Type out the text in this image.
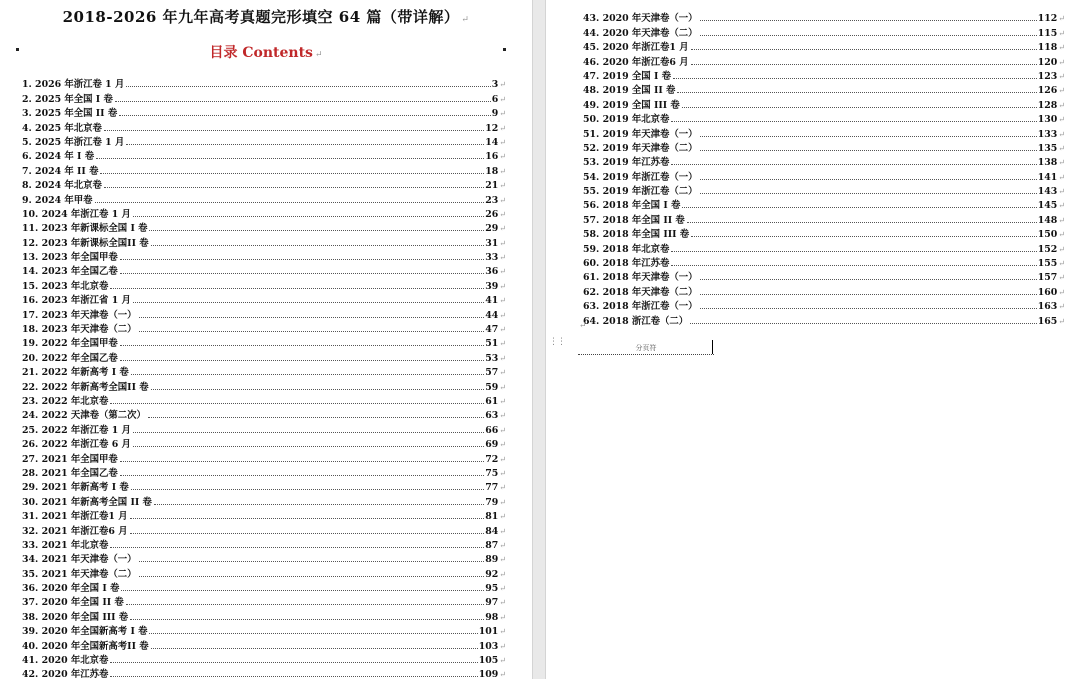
2018-2026 年九年高考真题完形填空 64 篇（带详解） ↵
目录 Contents ↵
1. 2026 年浙江卷 1 月	3 ↵
2. 2025 年全国 I 卷	6 ↵
3. 2025 年全国 II 卷	9 ↵
4. 2025 年北京卷	12 ↵
5. 2025 年浙江卷 1 月	14 ↵
6. 2024 年 I 卷	16 ↵
7. 2024 年 II 卷	18 ↵
8. 2024 年北京卷	21 ↵
9. 2024 年甲卷	23 ↵
10. 2024 年浙江卷 1 月	26 ↵
11. 2023 年新课标全国 I 卷	29 ↵
12. 2023 年新课标全国II 卷	31 ↵
13. 2023 年全国甲卷	33 ↵
14. 2023 年全国乙卷	36 ↵
15. 2023 年北京卷	39 ↵
16. 2023 年浙江省 1 月	41 ↵
17. 2023 年天津卷（一）	44 ↵
18. 2023 年天津卷（二）	47 ↵
19. 2022 年全国甲卷	51 ↵
20. 2022 年全国乙卷	53 ↵
21. 2022 年新高考 I 卷	57 ↵
22. 2022 年新高考全国II 卷	59 ↵
23. 2022 年北京卷	61 ↵
24. 2022 天津卷（第二次）	63 ↵
25. 2022 年浙江卷 1 月	66 ↵
26. 2022 年浙江卷 6 月	69 ↵
27. 2021 年全国甲卷	72 ↵
28. 2021 年全国乙卷	75 ↵
29. 2021 年新高考 I 卷	77 ↵
30. 2021 年新高考全国 II 卷	79 ↵
31. 2021 年浙江卷1 月	81 ↵
32. 2021 年浙江卷6 月	84 ↵
33. 2021 年北京卷	87 ↵
34. 2021 年天津卷（一）	89 ↵
35. 2021 年天津卷（二）	92 ↵
36. 2020 年全国 I 卷	95 ↵
37. 2020 年全国 II 卷	97 ↵
38. 2020 年全国 III 卷	98 ↵
39. 2020 年全国新高考 I 卷	101 ↵
40. 2020 年全国新高考II 卷	103 ↵
41. 2020 年北京卷	105 ↵
42. 2020 年江苏卷	109 ↵
43. 2020 年天津卷（一）	112 ↵
44. 2020 年天津卷（二）	115 ↵
45. 2020 年浙江卷1 月	118 ↵
46. 2020 年浙江卷6 月	120 ↵
47. 2019 全国 I 卷	123 ↵
48. 2019 全国 II 卷	126 ↵
49. 2019 全国 III 卷	128 ↵
50. 2019 年北京卷	130 ↵
51. 2019 年天津卷（一）	133 ↵
52. 2019 年天津卷（二）	135 ↵
53. 2019 年江苏卷	138 ↵
54. 2019 年浙江卷（一）	141 ↵
55. 2019 年浙江卷（二）	143 ↵
56. 2018 年全国 I 卷	145 ↵
57. 2018 年全国 II 卷	148 ↵
58. 2018 年全国 III 卷	150 ↵
59. 2018 年北京卷	152 ↵
60. 2018 年江苏卷	155 ↵
61. 2018 年天津卷（一）	157 ↵
62. 2018 年天津卷（二）	160 ↵
63. 2018 年浙江卷（一）	163 ↵
64. 2018 浙江卷（二）	165 ↵
⋮⋮
↵
分页符
